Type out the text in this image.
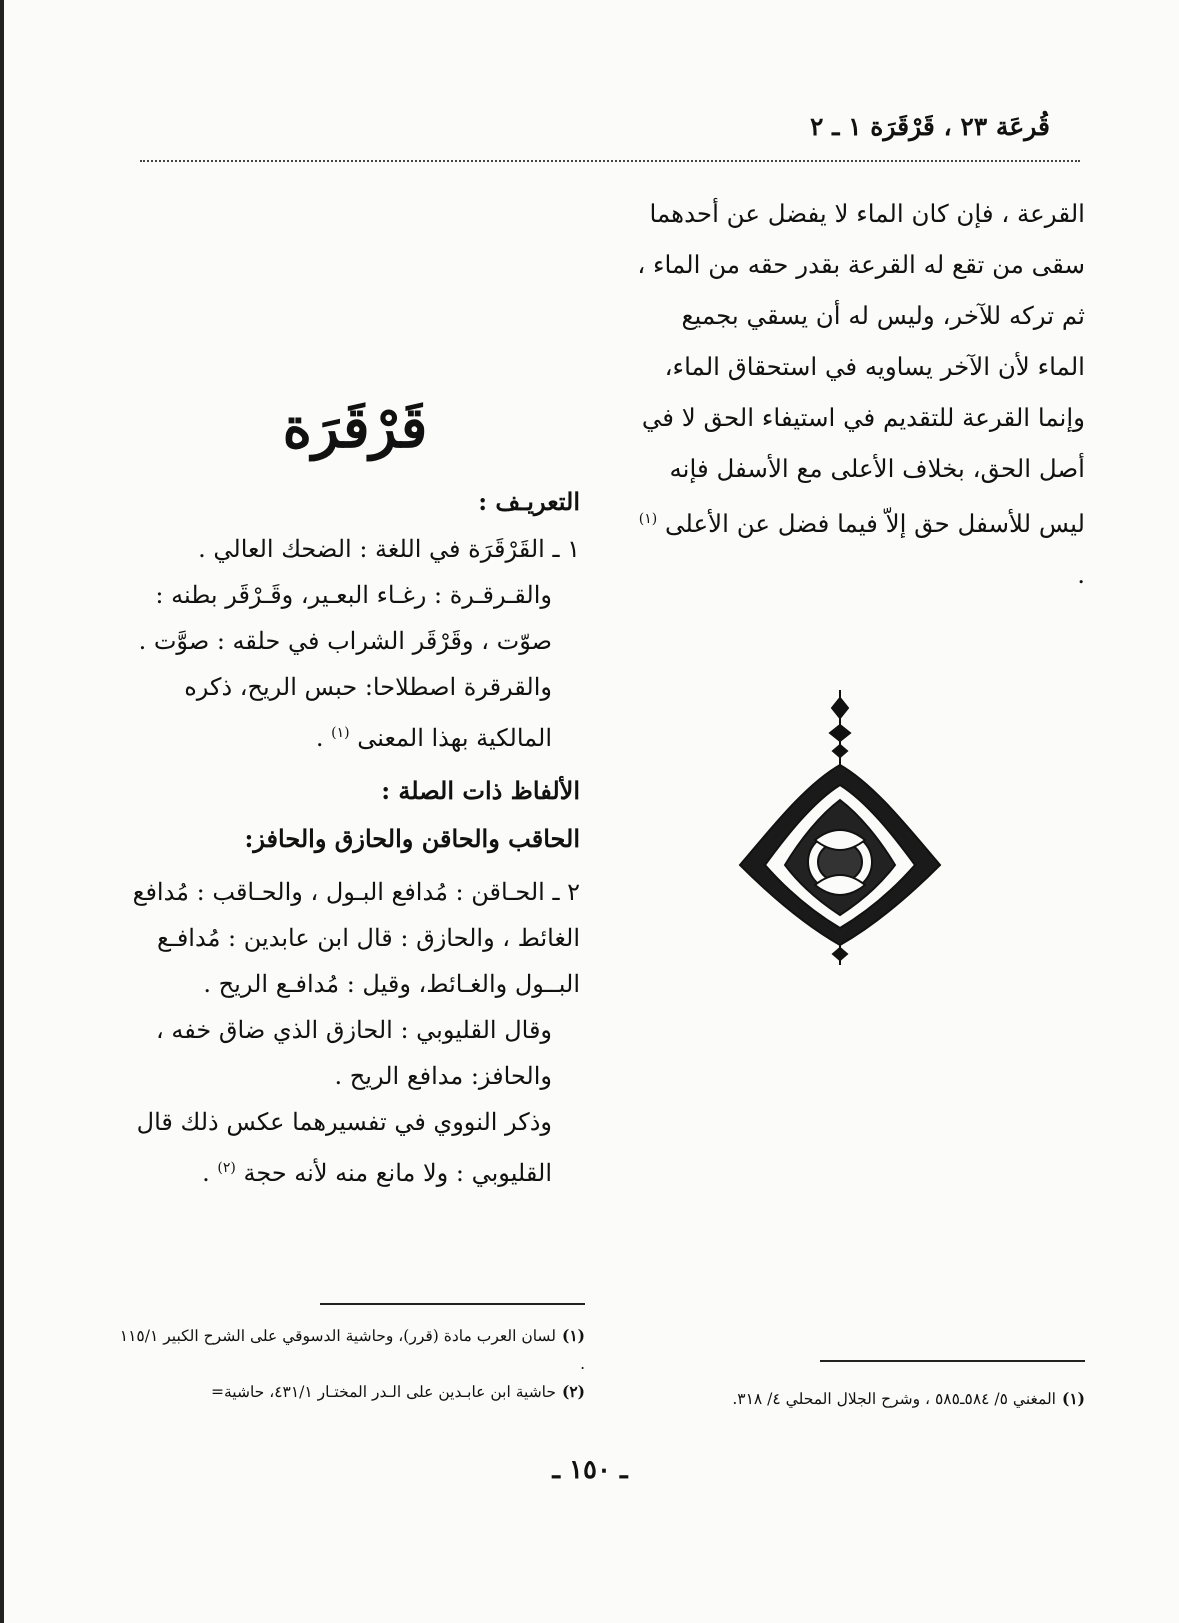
قُرعَة ٢٣ ، قَرْقَرَة ١ ـ ٢

القرعة ، فإن كان الماء لا يفضل عن أحدهما سقى من تقع له القرعة بقدر حقه من الماء ، ثم تركه للآخر، وليس له أن يسقي بجميع الماء لأن الآخر يساويه في استحقاق الماء، وإنما القرعة للتقديم في استيفاء الحق لا في أصل الحق، بخلاف الأعلى مع الأسفل فإنه ليس للأسفل حق إلاّ فيما فضل عن الأعلى $^{(١)}$ .

قَرْقَرَة

التعريـف :

١ ـ القَرْقَرَة في اللغة : الضحك العالي .

والقـرقـرة : رغـاء البعـير، وقَـرْقَر بطنه : صوّت ، وقَرْقَر الشراب في حلقه : صوَّت .

والقرقرة اصطلاحا: حبس الريح، ذكره المالكية بهذا المعنى $^{(١)}$ .

الألفاظ ذات الصلة :

الحاقب والحاقن والحازق والحافز:

٢ ـ الحـاقن : مُدافع البـول ، والحـاقب : مُدافع الغائط ، والحازق : قال ابن عابدين : مُدافـع البــول والغـائط، وقيل : مُدافـع الريح .

وقال القليوبي : الحازق الذي ضاق خفه ، والحافز: مدافع الريح .

وذكر النووي في تفسيرهما عكس ذلك قال القليوبي : ولا مانع منه لأنه حجة $^{(٢)}$ .

(١)لسان العرب مادة (قرر)، وحاشية الدسوقي على الشرح الكبير ١١٥/١ .

(٢)حاشية ابن عابـدين على الـدر المختـار ٤٣١/١، حاشية=	(١)المغني ٥/ ٥٨٤ـ٥٨٥ ، وشرح الجلال المحلي ٤/ ٣١٨.

ـ ١٥٠ ـ
